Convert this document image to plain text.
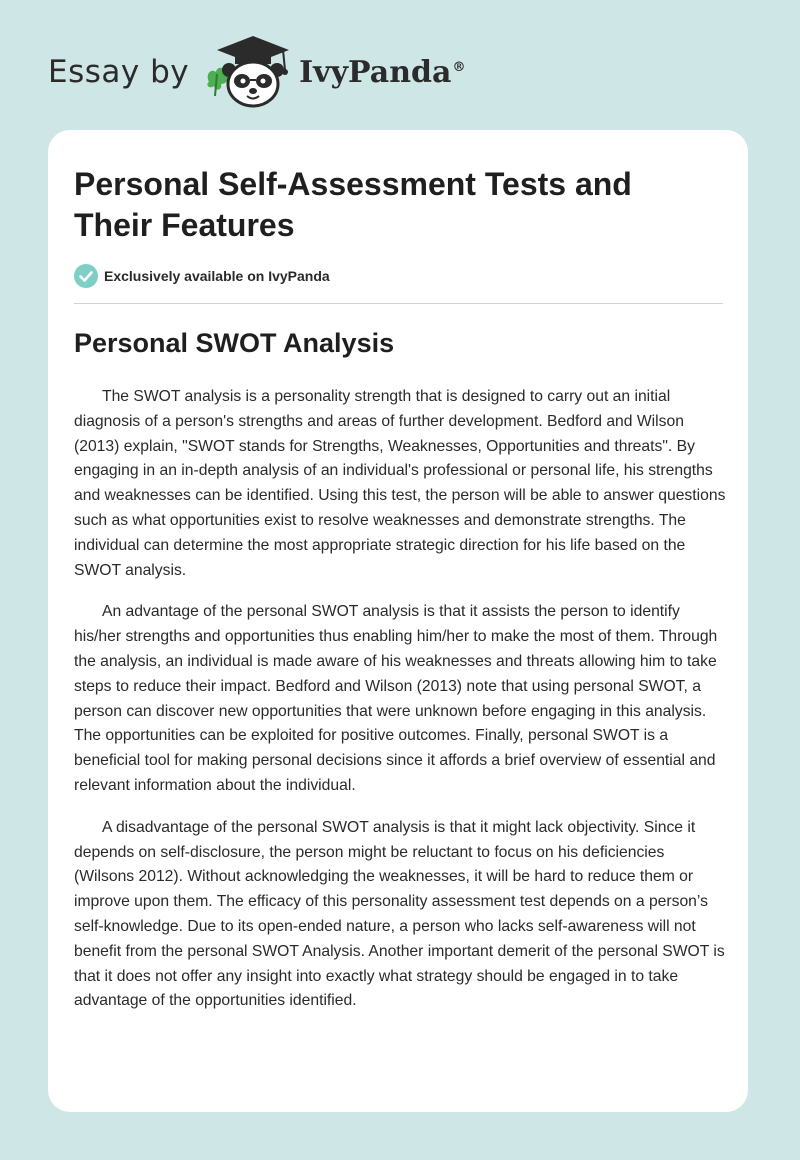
Essay by	IvyPanda®
Personal Self-Assessment Tests and Their Features
Exclusively available on IvyPanda
Personal SWOT Analysis

The SWOT analysis is a personality strength that is designed to carry out an initial diagnosis of a person's strengths and areas of further development. Bedford and Wilson (2013) explain, "SWOT stands for Strengths, Weaknesses, Opportunities and threats". By engaging in an in-depth analysis of an individual's professional or personal life, his strengths and weaknesses can be identified. Using this test, the person will be able to answer questions such as what opportunities exist to resolve weaknesses and demonstrate strengths. The individual can determine the most appropriate strategic direction for his life based on the SWOT analysis.

An advantage of the personal SWOT analysis is that it assists the person to identify his/her strengths and opportunities thus enabling him/her to make the most of them. Through the analysis, an individual is made aware of his weaknesses and threats allowing him to take steps to reduce their impact. Bedford and Wilson (2013) note that using personal SWOT, a person can discover new opportunities that were unknown before engaging in this analysis. The opportunities can be exploited for positive outcomes. Finally, personal SWOT is a beneficial tool for making personal decisions since it affords a brief overview of essential and relevant information about the individual.

A disadvantage of the personal SWOT analysis is that it might lack objectivity. Since it depends on self-disclosure, the person might be reluctant to focus on his deficiencies (Wilsons 2012). Without acknowledging the weaknesses, it will be hard to reduce them or improve upon them. The efficacy of this personality assessment test depends on a person’s self-knowledge. Due to its open-ended nature, a person who lacks self-awareness will not benefit from the personal SWOT Analysis. Another important demerit of the personal SWOT is that it does not offer any insight into exactly what strategy should be engaged in to take advantage of the opportunities identified.
